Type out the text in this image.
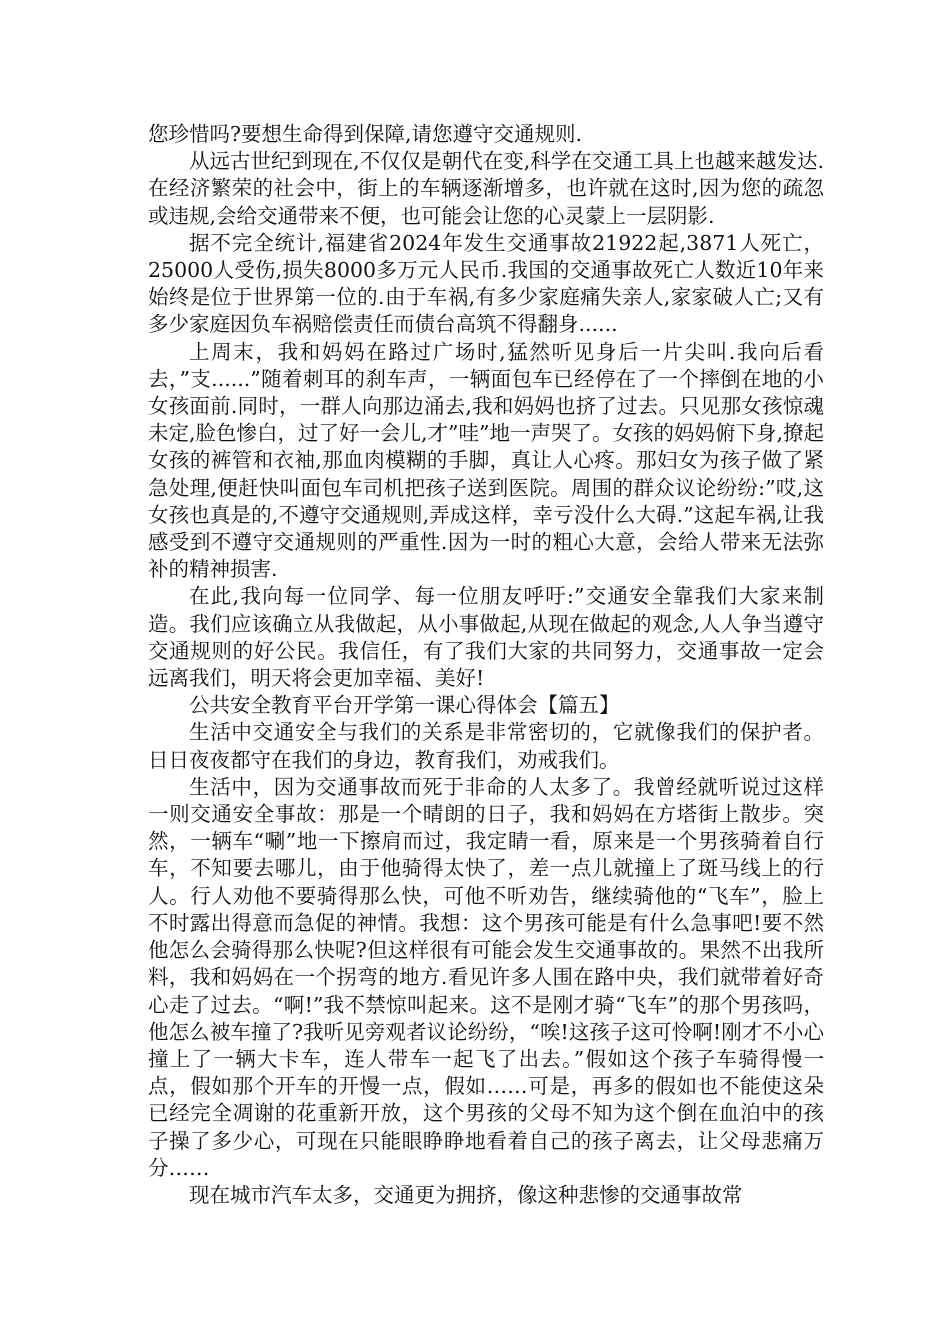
您珍惜吗?要想生命得到保障,请您遵守交通规则.

从远古世纪到现在,不仅仅是朝代在变,科学在交通工具上也越来越发达.在经济繁荣的社会中，街上的车辆逐渐增多，也许就在这时,因为您的疏忽或违规,会给交通带来不便，也可能会让您的心灵蒙上一层阴影.

据不完全统计,福建省2024年发生交通事故21922起,3871人死亡，25000人受伤,损失8000多万元人民币.我国的交通事故死亡人数近10年来始终是位于世界第一位的.由于车祸,有多少家庭痛失亲人,家家破人亡;又有多少家庭因负车祸赔偿责任而债台高筑不得翻身......

上周末，我和妈妈在路过广场时,猛然听见身后一片尖叫.我向后看去，”支......”随着刺耳的刹车声，一辆面包车已经停在了一个摔倒在地的小女孩面前.同时，一群人向那边涌去,我和妈妈也挤了过去。只见那女孩惊魂未定,脸色惨白，过了好一会儿,才”哇”地一声哭了。女孩的妈妈俯下身,撩起女孩的裤管和衣袖,那血肉模糊的手脚，真让人心疼。那妇女为孩子做了紧急处理,便赶快叫面包车司机把孩子送到医院。周围的群众议论纷纷:”哎,这女孩也真是的,不遵守交通规则,弄成这样，幸亏没什么大碍.”这起车祸,让我感受到不遵守交通规则的严重性.因为一时的粗心大意，会给人带来无法弥补的精神损害.

在此,我向每一位同学、每一位朋友呼吁:”交通安全靠我们大家来制造。我们应该确立从我做起，从小事做起,从现在做起的观念,人人争当遵守交通规则的好公民。我信任，有了我们大家的共同努力，交通事故一定会远离我们，明天将会更加幸福、美好!

公共安全教育平台开学第一课心得体会【篇五】

生活中交通安全与我们的关系是非常密切的，它就像我们的保护者。日日夜夜都守在我们的身边，教育我们，劝戒我们。

生活中，因为交通事故而死于非命的人太多了。我曾经就听说过这样一则交通安全事故：那是一个晴朗的日子，我和妈妈在方塔街上散步。突然，一辆车“唰”地一下擦肩而过，我定睛一看，原来是一个男孩骑着自行车，不知要去哪儿，由于他骑得太快了，差一点儿就撞上了斑马线上的行人。行人劝他不要骑得那么快，可他不听劝告，继续骑他的“飞车”，脸上不时露出得意而急促的神情。我想：这个男孩可能是有什么急事吧!要不然他怎么会骑得那么快呢?但这样很有可能会发生交通事故的。果然不出我所料，我和妈妈在一个拐弯的地方.看见许多人围在路中央，我们就带着好奇心走了过去。“啊!”我不禁惊叫起来。这不是刚才骑“飞车”的那个男孩吗，他怎么被车撞了?我听见旁观者议论纷纷，“唉!这孩子这可怜啊!刚才不小心撞上了一辆大卡车，连人带车一起飞了出去。”假如这个孩子车骑得慢一点，假如那个开车的开慢一点，假如……可是，再多的假如也不能使这朵已经完全凋谢的花重新开放，这个男孩的父母不知为这个倒在血泊中的孩子操了多少心，可现在只能眼睁睁地看着自己的孩子离去，让父母悲痛万分……

现在城市汽车太多，交通更为拥挤，像这种悲惨的交通事故常
